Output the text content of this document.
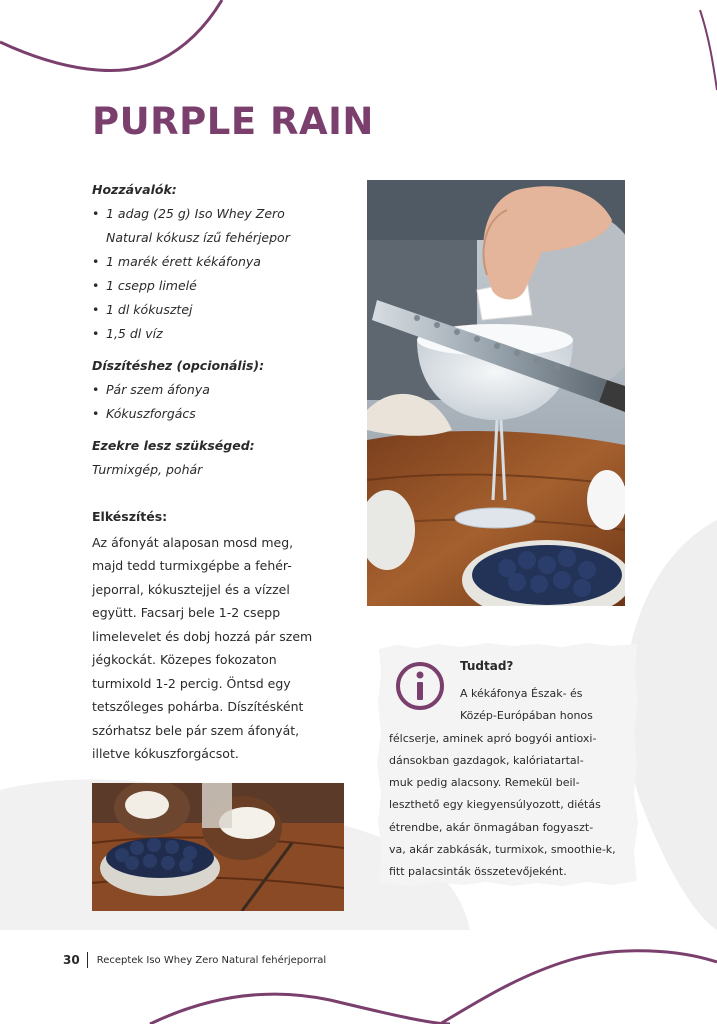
PURPLE RAIN
Hozzávalók:
• 1 adag (25 g) Iso Whey Zero
Natural kókusz ízű fehérjepor
• 1 marék érett kékáfonya
• 1 csepp limelé
• 1 dl kókusztej
• 1,5 dl víz
Díszítéshez (opcionális):
• Pár szem áfonya
• Kókuszforgács
Ezekre lesz szükséged:
Turmixgép, pohár
Elkészítés:
Az áfonyát alaposan mosd meg,
majd tedd turmixgépbe a fehér-
jeporral, kókusztejjel és a vízzel
együtt. Facsarj bele 1-2 csepp
limelevelet és dobj hozzá pár szem
jégkockát. Közepes fokozaton
turmixold 1-2 percig. Öntsd egy
tetszőleges pohárba. Díszítésként
szórhatsz bele pár szem áfonyát,
illetve kókuszforgácsot.
Tudtad?
A kékáfonya Észak- és
Közép-Európában honos
félcserje, aminek apró bogyói antioxi-
dánsokban gazdagok, kalóriatartal-
muk pedig alacsony. Remekül beil-
leszthető egy kiegyensúlyozott, diétás
étrendbe, akár önmagában fogyaszt-
va, akár zabkásák, turmixok, smoothie-k,
fitt palacsinták összetevőjeként.
30 Receptek Iso Whey Zero Natural fehérjeporral
